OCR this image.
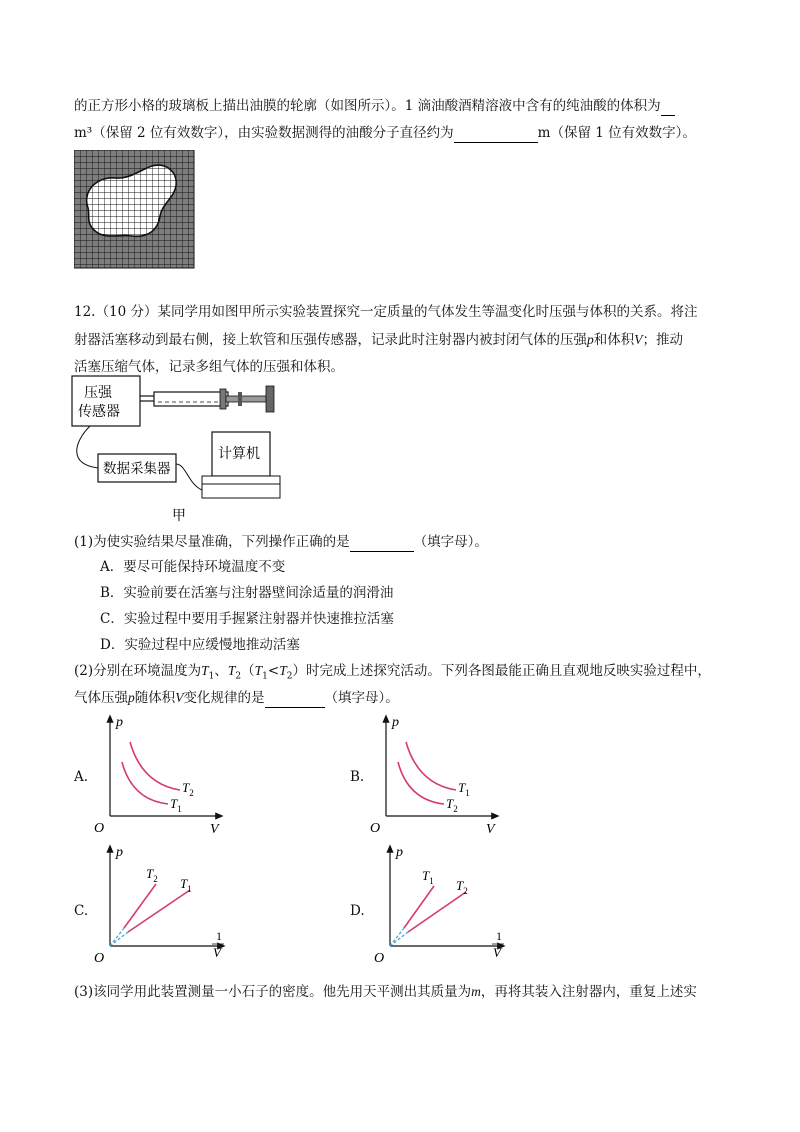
的正方形小格的玻璃板上描出油膜的轮廓（如图所示）。1 滴油酸酒精溶液中含有的纯油酸的体积为
m³（保留 2 位有效数字），由实验数据测得的油酸分子直径约为	m（保留 1 位有效数字）。
12.（10 分）某同学用如图甲所示实验装置探究一定质量的气体发生等温变化时压强与体积的关系。将注
射器活塞移动到最右侧，接上软管和压强传感器，记录此时注射器内被封闭气体的压强p和体积V；推动
活塞压缩气体，记录多组气体的压强和体积。
压强
传感器
数据采集器
计算机
甲
(1)为使实验结果尽量准确，下列操作正确的是	（填字母）。
A．要尽可能保持环境温度不变
B．实验前要在活塞与注射器壁间涂适量的润滑油
C．实验过程中要用手握紧注射器并快速推拉活塞
D．实验过程中应缓慢地推动活塞
(2)分别在环境温度为$T_1$、$T_2(T_1<T_2)$时完成上述探究活动。下列各图最能正确且直观地反映实验过程中，
气体压强p随体积V变化规律的是	（填字母）。
A.
p
V
O
$T_2$
$T_1$
B.
p
V
O
$T_1$
$T_2$
C.
p
O
1
V
$T_2$ $T_1$
D.
p
O
1
V
$T_1$ $T_2$
(3)该同学用此装置测量一小石子的密度。他先用天平测出其质量为m，再将其装入注射器内，重复上述实
